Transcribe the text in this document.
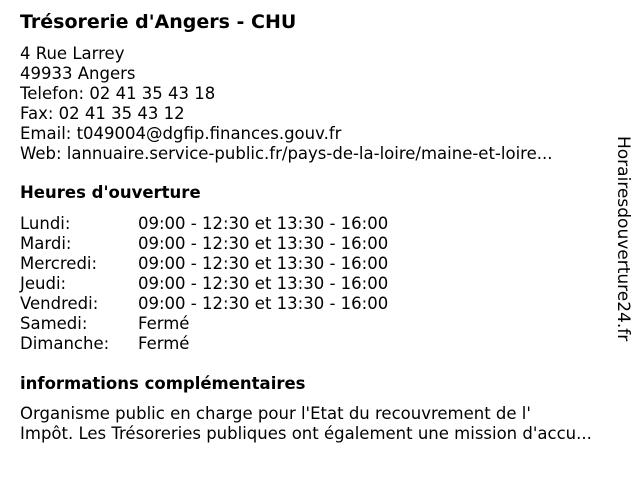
Trésorerie d'Angers - CHU
4 Rue Larrey
49933 Angers
Telefon: 02 41 35 43 18
Fax: 02 41 35 43 12
Email: t049004@dgfip.finances.gouv.fr
Web: lannuaire.service-public.fr/pays-de-la-loire/maine-et-loire...
Heures d'ouverture
Lundi:	09:00 - 12:30 et 13:30 - 16:00
Mardi:	09:00 - 12:30 et 13:30 - 16:00
Mercredi: 09:00 - 12:30 et 13:30 - 16:00
Jeudi:	09:00 - 12:30 et 13:30 - 16:00
Vendredi: 09:00 - 12:30 et 13:30 - 16:00
Samedi:	Fermé
Dimanche: Fermé
informations complémentaires
Organisme public en charge pour l'Etat du recouvrement de l'
Impôt. Les Trésoreries publiques ont également une mission d'accu...
Horairesdouverture24.fr
